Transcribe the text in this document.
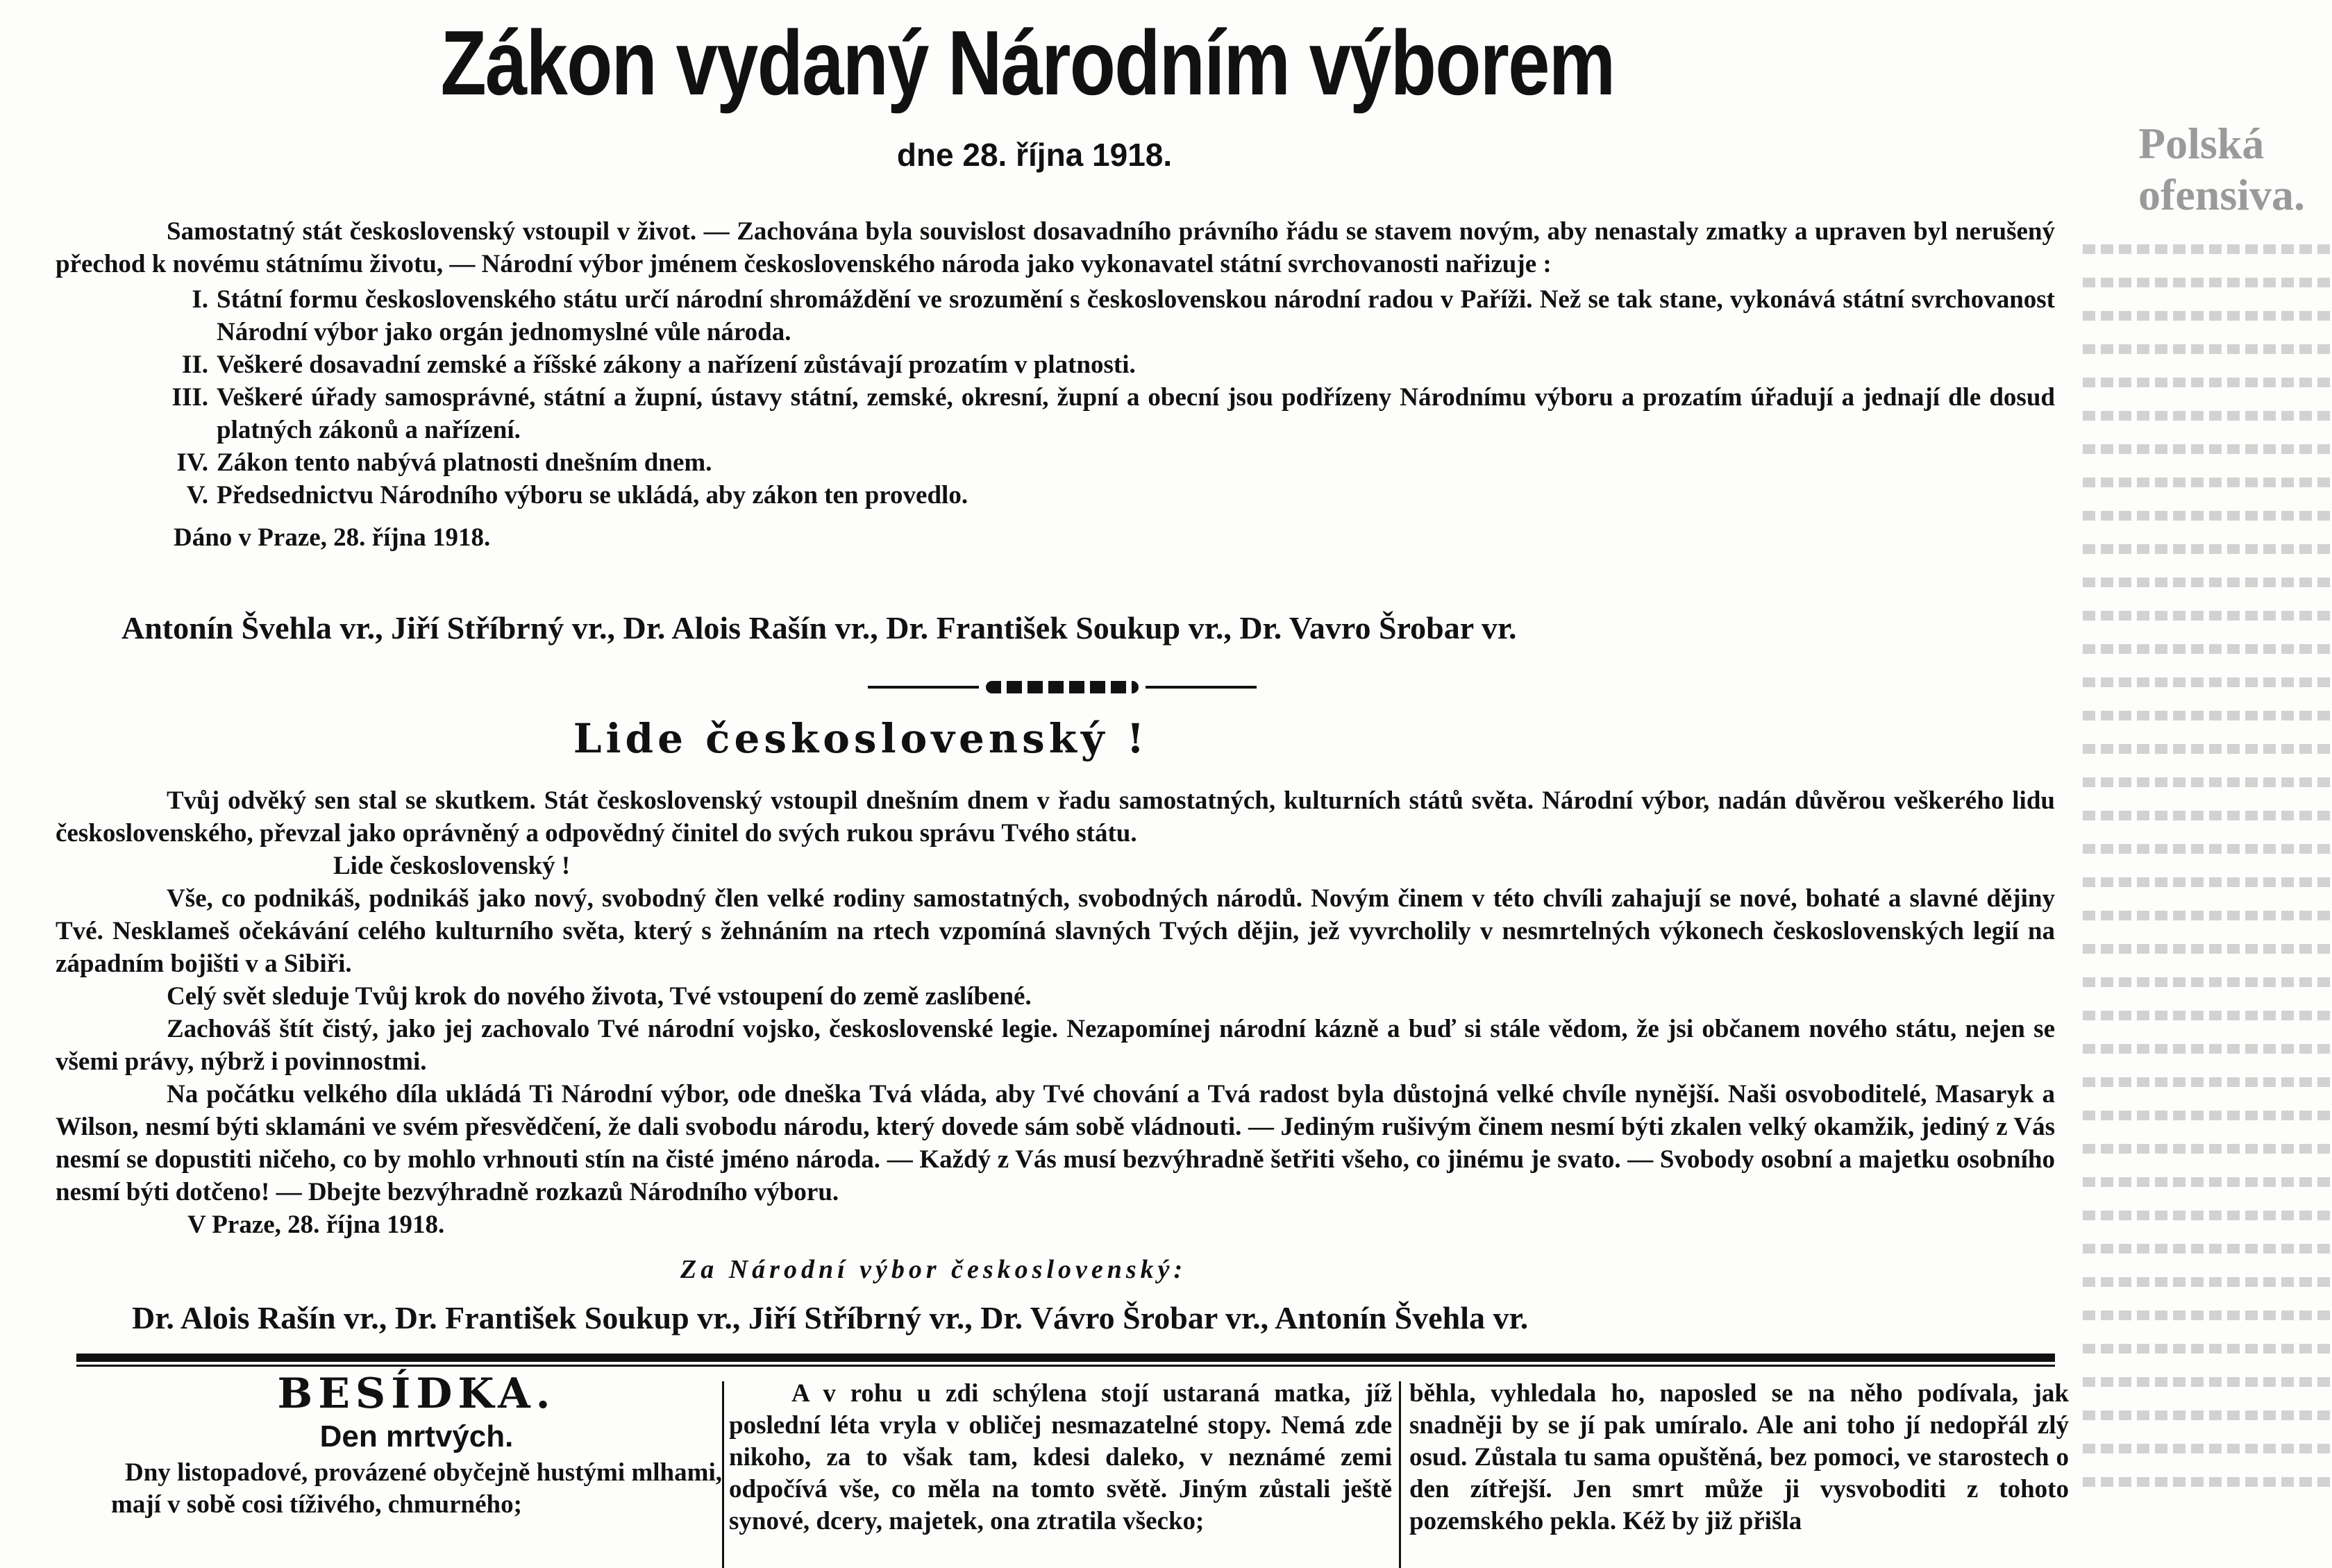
Polská ofensiva.
Zákon vydaný Národním výborem
dne 28. října 1918.

Samostatný stát československý vstoupil v život. — Zachována byla souvislost dosavadního právního řádu se stavem novým, aby nenastaly zmatky a upraven byl nerušený přechod k novému státnímu životu, — Národní výbor jménem československého národa jako vykonavatel státní svrchovanosti nařizuje :

I. Státní formu československého státu určí národní shromáždění ve srozumění s československou národní radou v Paříži. Než se tak stane, vykonává státní svrchovanost Národní výbor jako orgán jednomyslné vůle národa.
II. Veškeré dosavadní zemské a říšské zákony a nařízení zůstávají prozatím v platnosti.
III. Veškeré úřady samosprávné, státní a župní, ústavy státní, zemské, okresní, župní a obecní jsou podřízeny Národnímu výboru a prozatím úřadují a jednají dle dosud platných zákonů a nařízení.
IV. Zákon tento nabývá platnosti dnešním dnem.
V. Předsednictvu Národního výboru se ukládá, aby zákon ten provedlo.

Dáno v Praze, 28. října 1918.

Antonín Švehla vr., Jiří Stříbrný vr., Dr. Alois Rašín vr., Dr. František Soukup vr., Dr. Vavro Šrobar vr.
Lide československý !

Tvůj odvěký sen stal se skutkem. Stát československý vstoupil dnešním dnem v řadu samostatných, kulturních států světa. Národní výbor, nadán důvěrou veškerého lidu československého, převzal jako oprávněný a odpovědný činitel do svých rukou správu Tvého státu.

Lide československý !

Vše, co podnikáš, podnikáš jako nový, svobodný člen velké rodiny samostatných, svobodných národů. Novým činem v této chvíli zahajují se nové, bohaté a slavné dějiny Tvé. Nesklameš očekávání celého kulturního světa, který s žehnáním na rtech vzpomíná slavných Tvých dějin, jež vyvrcholily v nesmrtelných výkonech československých legií na západním bojišti v a Sibiři.

Celý svět sleduje Tvůj krok do nového života, Tvé vstoupení do země zaslíbené.

Zachováš štít čistý, jako jej zachovalo Tvé národní vojsko, československé legie. Nezapomínej národní kázně a buď si stále vědom, že jsi občanem nového státu, nejen se všemi právy, nýbrž i povinnostmi.

Na počátku velkého díla ukládá Ti Národní výbor, ode dneška Tvá vláda, aby Tvé chování a Tvá radost byla důstojná velké chvíle nynější. Naši osvoboditelé, Masaryk a Wilson, nesmí býti sklamáni ve svém přesvědčení, že dali svobodu národu, který dovede sám sobě vládnouti. — Jediným rušivým činem nesmí býti zkalen velký okamžik, jediný z Vás nesmí se dopustiti ničeho, co by mohlo vrhnouti stín na čisté jméno národa. — Každý z Vás musí bezvýhradně šetřiti všeho, co jinému je svato. — Svobody osobní a majetku osobního nesmí býti dotčeno! — Dbejte bezvýhradně rozkazů Národního výboru.

V Praze, 28. října 1918.

Za Národní výbor československý:
Dr. Alois Rašín vr., Dr. František Soukup vr., Jiří Stříbrný vr., Dr. Vávro Šrobar vr., Antonín Švehla vr.
BESÍDKA.
Den mrtvých.

Dny listopadové, provázené obyčejně hustými mlhami, mají v sobě cosi tíživého, chmurného;

A v rohu u zdi schýlena stojí ustaraná matka, jíž poslední léta vryla v obličej nesmazatelné stopy. Nemá zde nikoho, za to však tam, kdesi daleko, v neznámé zemi odpočívá vše, co měla na tomto světě. Jiným zůstali ještě synové, dcery, majetek, ona ztratila všecko;

běhla, vyhledala ho, naposled se na něho podívala, jak snadněji by se jí pak umíralo. Ale ani toho jí nedopřál zlý osud. Zůstala tu sama opuštěná, bez pomoci, ve starostech o den zítřejší. Jen smrt může ji vysvoboditi z tohoto pozemského pekla. Kéž by již přišla
